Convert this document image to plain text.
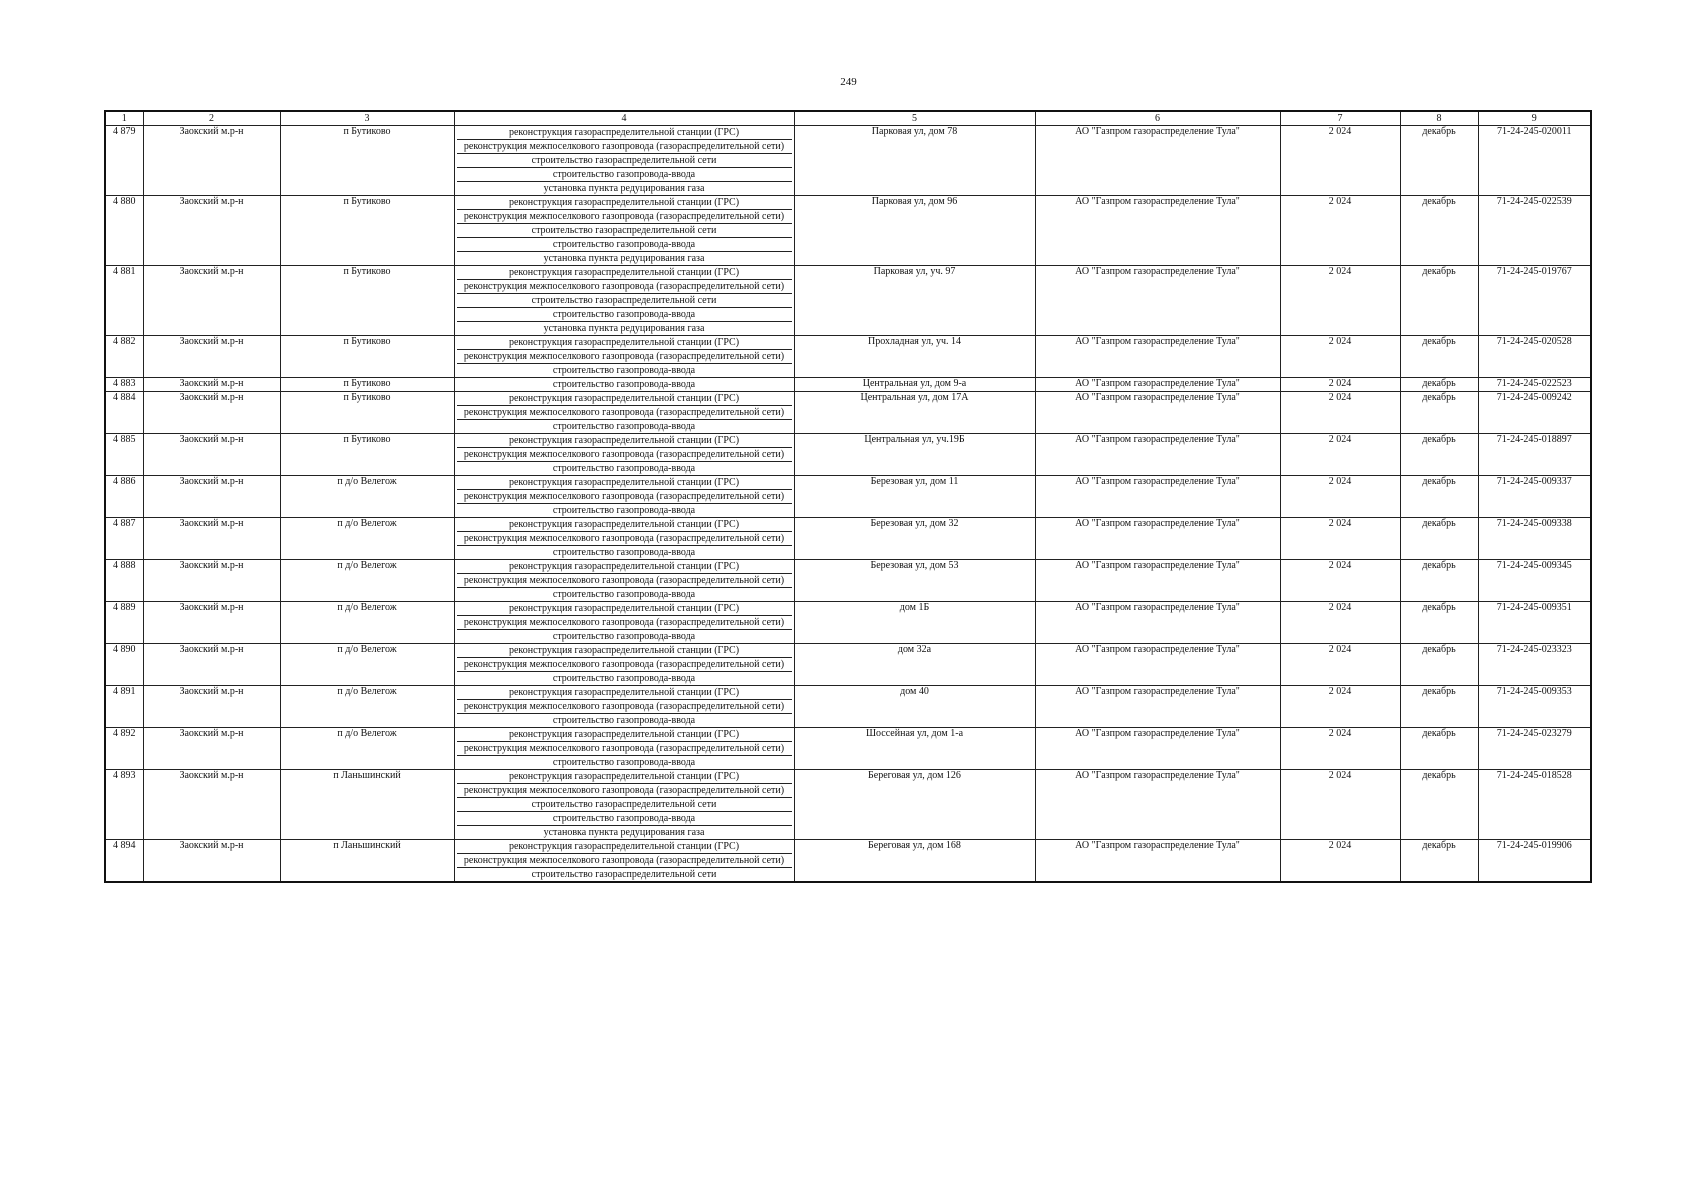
249
1	2	3	4	5	6	7	8	9
4 879	Заокский м.р-н	п Бутиково	реконструкция газораспределительной станции (ГРС)
реконструкция межпоселкового газопровода (газораспределительной сети)
строительство газораспределительной сети
строительство газопровода-ввода
установка пункта редуцирования газа	Парковая ул, дом 78	АО "Газпром газораспределение Тула"	2 024	декабрь	71-24-245-020011
4 880	Заокский м.р-н	п Бутиково	реконструкция газораспределительной станции (ГРС)
реконструкция межпоселкового газопровода (газораспределительной сети)
строительство газораспределительной сети
строительство газопровода-ввода
установка пункта редуцирования газа	Парковая ул, дом 96	АО "Газпром газораспределение Тула"	2 024	декабрь	71-24-245-022539
4 881	Заокский м.р-н	п Бутиково	реконструкция газораспределительной станции (ГРС)
реконструкция межпоселкового газопровода (газораспределительной сети)
строительство газораспределительной сети
строительство газопровода-ввода
установка пункта редуцирования газа	Парковая ул, уч. 97	АО "Газпром газораспределение Тула"	2 024	декабрь	71-24-245-019767
4 882	Заокский м.р-н	п Бутиково	реконструкция газораспределительной станции (ГРС)
реконструкция межпоселкового газопровода (газораспределительной сети)
строительство газопровода-ввода	Прохладная ул, уч. 14	АО "Газпром газораспределение Тула"	2 024	декабрь	71-24-245-020528
4 883	Заокский м.р-н	п Бутиково	строительство газопровода-ввода	Центральная ул, дом 9-а	АО "Газпром газораспределение Тула"	2 024	декабрь	71-24-245-022523
4 884	Заокский м.р-н	п Бутиково	реконструкция газораспределительной станции (ГРС)
реконструкция межпоселкового газопровода (газораспределительной сети)
строительство газопровода-ввода	Центральная ул, дом 17А	АО "Газпром газораспределение Тула"	2 024	декабрь	71-24-245-009242
4 885	Заокский м.р-н	п Бутиково	реконструкция газораспределительной станции (ГРС)
реконструкция межпоселкового газопровода (газораспределительной сети)
строительство газопровода-ввода	Центральная ул, уч.19Б	АО "Газпром газораспределение Тула"	2 024	декабрь	71-24-245-018897
4 886	Заокский м.р-н	п д/о Велегож	реконструкция газораспределительной станции (ГРС)
реконструкция межпоселкового газопровода (газораспределительной сети)
строительство газопровода-ввода	Березовая ул, дом 11	АО "Газпром газораспределение Тула"	2 024	декабрь	71-24-245-009337
4 887	Заокский м.р-н	п д/о Велегож	реконструкция газораспределительной станции (ГРС)
реконструкция межпоселкового газопровода (газораспределительной сети)
строительство газопровода-ввода	Березовая ул, дом 32	АО "Газпром газораспределение Тула"	2 024	декабрь	71-24-245-009338
4 888	Заокский м.р-н	п д/о Велегож	реконструкция газораспределительной станции (ГРС)
реконструкция межпоселкового газопровода (газораспределительной сети)
строительство газопровода-ввода	Березовая ул, дом 53	АО "Газпром газораспределение Тула"	2 024	декабрь	71-24-245-009345
4 889	Заокский м.р-н	п д/о Велегож	реконструкция газораспределительной станции (ГРС)
реконструкция межпоселкового газопровода (газораспределительной сети)
строительство газопровода-ввода	дом 1Б	АО "Газпром газораспределение Тула"	2 024	декабрь	71-24-245-009351
4 890	Заокский м.р-н	п д/о Велегож	реконструкция газораспределительной станции (ГРС)
реконструкция межпоселкового газопровода (газораспределительной сети)
строительство газопровода-ввода	дом 32а	АО "Газпром газораспределение Тула"	2 024	декабрь	71-24-245-023323
4 891	Заокский м.р-н	п д/о Велегож	реконструкция газораспределительной станции (ГРС)
реконструкция межпоселкового газопровода (газораспределительной сети)
строительство газопровода-ввода	дом 40	АО "Газпром газораспределение Тула"	2 024	декабрь	71-24-245-009353
4 892	Заокский м.р-н	п д/о Велегож	реконструкция газораспределительной станции (ГРС)
реконструкция межпоселкового газопровода (газораспределительной сети)
строительство газопровода-ввода	Шоссейная ул, дом 1-а	АО "Газпром газораспределение Тула"	2 024	декабрь	71-24-245-023279
4 893	Заокский м.р-н	п Ланьшинский	реконструкция газораспределительной станции (ГРС)
реконструкция межпоселкового газопровода (газораспределительной сети)
строительство газораспределительной сети
строительство газопровода-ввода
установка пункта редуцирования газа	Береговая ул, дом 126	АО "Газпром газораспределение Тула"	2 024	декабрь	71-24-245-018528
4 894	Заокский м.р-н	п Ланьшинский	реконструкция газораспределительной станции (ГРС)
реконструкция межпоселкового газопровода (газораспределительной сети)
строительство газораспределительной сети	Береговая ул, дом 168	АО "Газпром газораспределение Тула"	2 024	декабрь	71-24-245-019906
